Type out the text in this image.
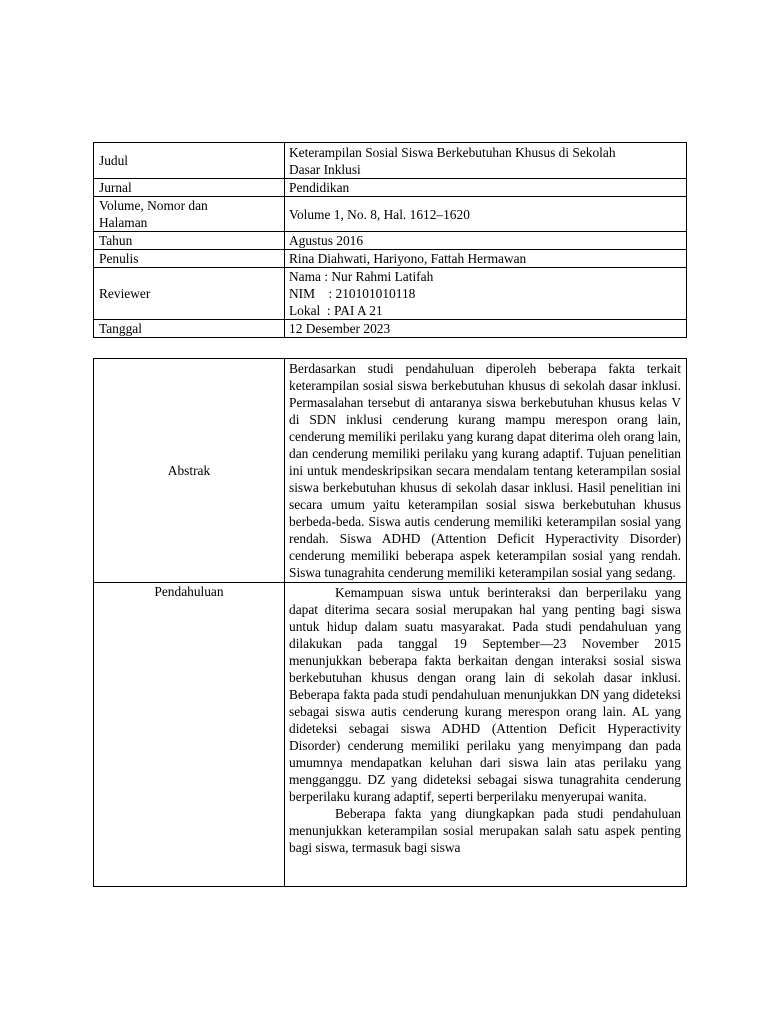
Judul	Keterampilan Sosial Siswa Berkebutuhan Khusus di Sekolah
Dasar Inklusi

Jurnal	Pendidikan

Volume, Nomor dan
Halaman	Volume 1, No. 8, Hal. 1612–1620
Tahun	Agustus 2016
Penulis	Rina Diahwati, Hariyono, Fattah Hermawan
Reviewer	Nama : Nur Rahmi Latifah
NIM    : 210101010118
Lokal  : PAI A 21

Tanggal	12 Desember 2023
Abstrak	Berdasarkan studi pendahuluan diperoleh beberapa fakta terkait keterampilan sosial siswa berkebutuhan khusus di sekolah dasar inklusi. Permasalahan tersebut di antaranya siswa berkebutuhan khusus kelas V di SDN inklusi cenderung kurang mampu merespon orang lain, cenderung memiliki perilaku yang kurang dapat diterima oleh orang lain, dan cenderung memiliki perilaku yang kurang adaptif. Tujuan penelitian ini untuk mendeskripsikan secara mendalam tentang keterampilan sosial siswa berkebutuhan khusus di sekolah dasar inklusi. Hasil penelitian ini secara umum yaitu keterampilan sosial siswa berkebutuhan khusus berbeda-beda. Siswa autis cenderung memiliki keterampilan sosial yang rendah. Siswa ADHD (Attention Deficit Hyperactivity Disorder) cenderung memiliki beberapa aspek keterampilan sosial yang rendah. Siswa tunagrahita cenderung memiliki keterampilan sosial yang sedang.

Pendahuluan	Kemampuan siswa untuk berinteraksi dan berperilaku yang dapat diterima secara sosial merupakan hal yang penting bagi siswa untuk hidup dalam suatu masyarakat. Pada studi pendahuluan yang dilakukan pada tanggal 19 September—23 November 2015 menunjukkan beberapa fakta berkaitan dengan interaksi sosial siswa berkebutuhan khusus dengan orang lain di sekolah dasar inklusi. Beberapa fakta pada studi pendahuluan menunjukkan DN yang dideteksi sebagai siswa autis cenderung kurang merespon orang lain. AL yang dideteksi sebagai siswa ADHD (Attention Deficit Hyperactivity Disorder) cenderung memiliki perilaku yang menyimpang dan pada umumnya mendapatkan keluhan dari siswa lain atas perilaku yang mengganggu. DZ yang dideteksi sebagai siswa tunagrahita cenderung berperilaku kurang adaptif, seperti berperilaku menyerupai wanita.

Beberapa fakta yang diungkapkan pada studi pendahuluan menunjukkan keterampilan sosial merupakan salah satu aspek penting bagi siswa, termasuk bagi siswa
